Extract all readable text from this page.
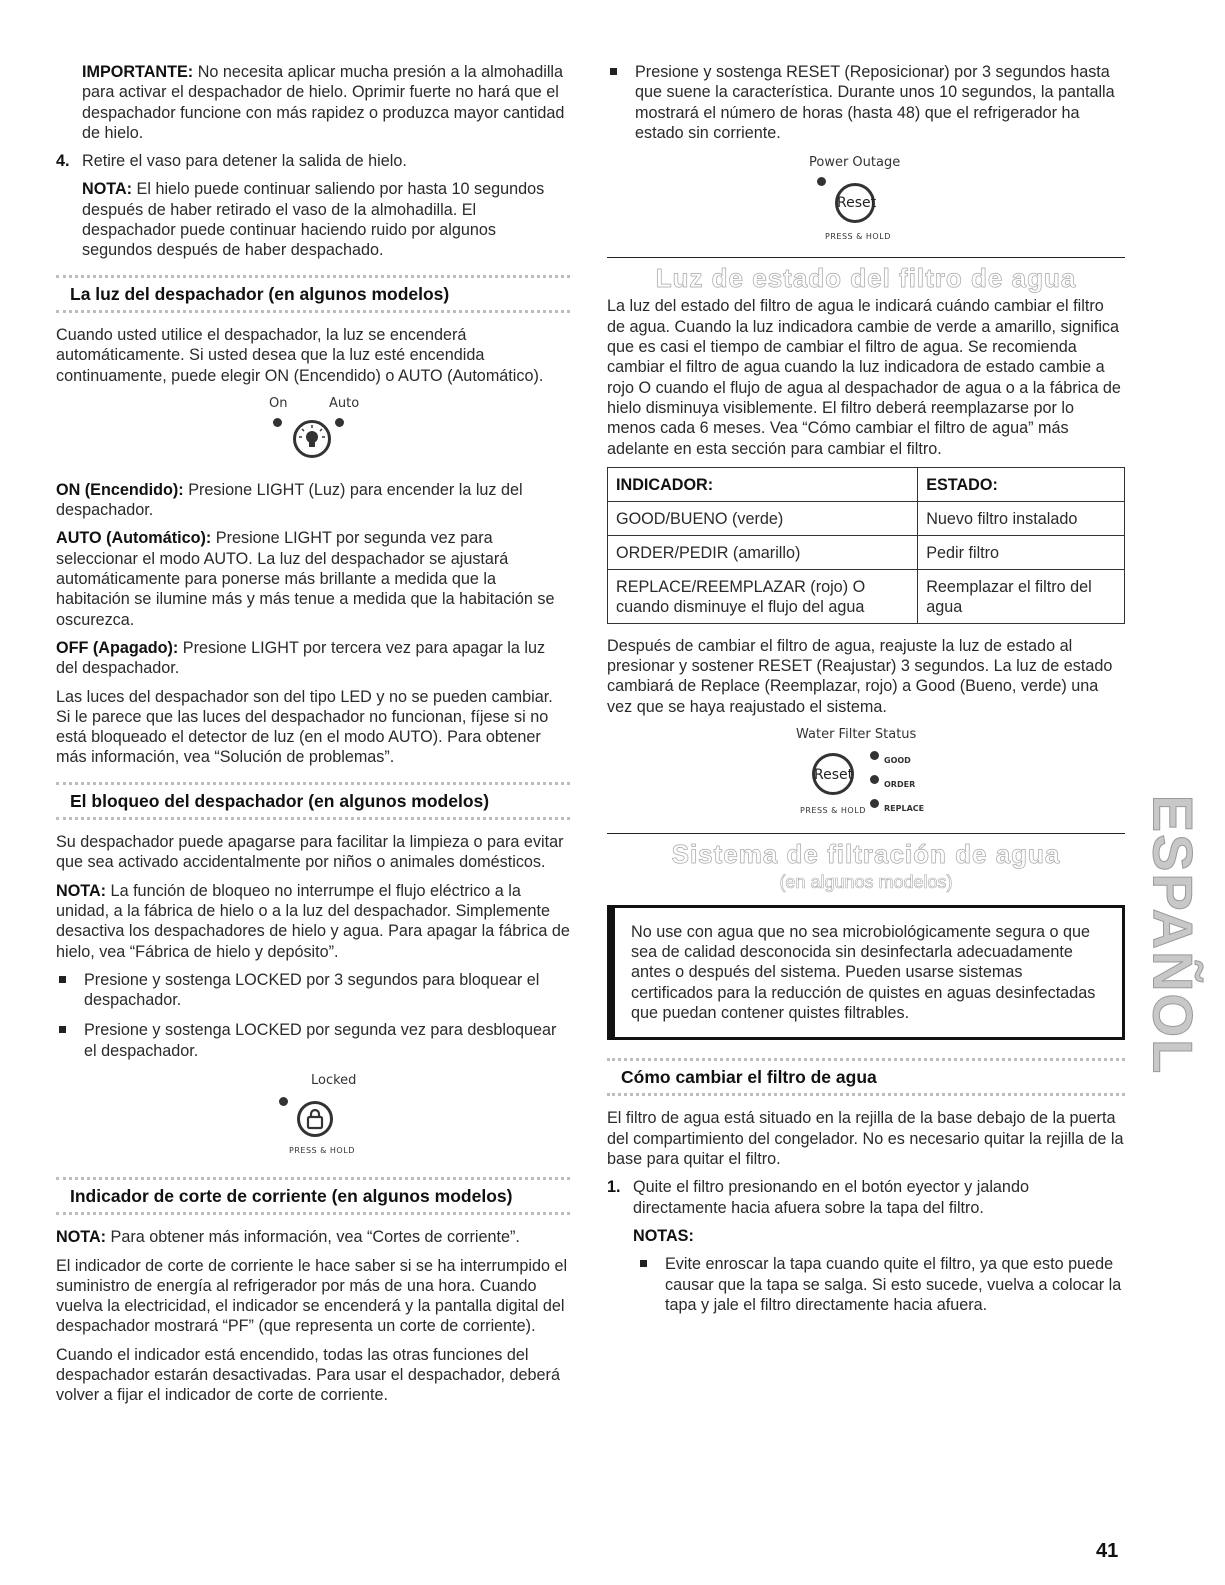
IMPORTANTE: No necesita aplicar mucha presión a la almohadilla para activar el despachador de hielo. Oprimir fuerte no hará que el despachador funcione con más rapidez o produzca mayor cantidad de hielo.

4. Retire el vaso para detener la salida de hielo.

NOTA: El hielo puede continuar saliendo por hasta 10 segundos después de haber retirado el vaso de la almohadilla. El despachador puede continuar haciendo ruido por algunos segundos después de haber despachado.

La luz del despachador (en algunos modelos)

Cuando usted utilice el despachador, la luz se encenderá automáticamente. Si usted desea que la luz esté encendida continuamente, puede elegir ON (Encendido) o AUTO (Automático).

On	Auto

ON (Encendido): Presione LIGHT (Luz) para encender la luz del despachador.

AUTO (Automático): Presione LIGHT por segunda vez para seleccionar el modo AUTO. La luz del despachador se ajustará automáticamente para ponerse más brillante a medida que la habitación se ilumine más y más tenue a medida que la habitación se oscurezca.

OFF (Apagado): Presione LIGHT por tercera vez para apagar la luz del despachador.

Las luces del despachador son del tipo LED y no se pueden cambiar. Si le parece que las luces del despachador no funcionan, fíjese si no está bloqueado el detector de luz (en el modo AUTO). Para obtener más información, vea “Solución de problemas”.

El bloqueo del despachador (en algunos modelos)

Su despachador puede apagarse para facilitar la limpieza o para evitar que sea activado accidentalmente por niños o animales domésticos.

NOTA: La función de bloqueo no interrumpe el flujo eléctrico a la unidad, a la fábrica de hielo o a la luz del despachador. Simplemente desactiva los despachadores de hielo y agua. Para apagar la fábrica de hielo, vea “Fábrica de hielo y depósito”.

Presione y sostenga LOCKED por 3 segundos para bloquear el despachador.
Presione y sostenga LOCKED por segunda vez para desbloquear el despachador.
Locked
PRESS & HOLD
Indicador de corte de corriente (en algunos modelos)

NOTA: Para obtener más información, vea “Cortes de corriente”.

El indicador de corte de corriente le hace saber si se ha interrumpido el suministro de energía al refrigerador por más de una hora. Cuando vuelva la electricidad, el indicador se encenderá y la pantalla digital del despachador mostrará “PF” (que representa un corte de corriente).

Cuando el indicador está encendido, todas las otras funciones del despachador estarán desactivadas. Para usar el despachador, deberá volver a fijar el indicador de corte de corriente.

Presione y sostenga RESET (Reposicionar) por 3 segundos hasta que suene la característica. Durante unos 10 segundos, la pantalla mostrará el número de horas (hasta 48) que el refrigerador ha estado sin corriente.
Power Outage
Reset
PRESS & HOLD
Luz de estado del filtro de agua

La luz del estado del filtro de agua le indicará cuándo cambiar el filtro de agua. Cuando la luz indicadora cambie de verde a amarillo, significa que es casi el tiempo de cambiar el filtro de agua. Se recomienda cambiar el filtro de agua cuando la luz indicadora de estado cambie a rojo O cuando el flujo de agua al despachador de agua o a la fábrica de hielo disminuya visiblemente. El filtro deberá reemplazarse por lo menos cada 6 meses. Vea “Cómo cambiar el filtro de agua” más adelante en esta sección para cambiar el filtro.

INDICADOR:	ESTADO:
GOOD/BUENO (verde)	Nuevo filtro instalado
ORDER/PEDIR (amarillo)	Pedir filtro
REPLACE/REEMPLAZAR (rojo) O cuando disminuye el flujo del agua	Reemplazar el filtro del agua

Después de cambiar el filtro de agua, reajuste la luz de estado al presionar y sostener RESET (Reajustar) 3 segundos. La luz de estado cambiará de Replace (Reemplazar, rojo) a Good (Bueno, verde) una vez que se haya reajustado el sistema.

Water Filter Status
Reset
PRESS & HOLD
GOOD
ORDER
REPLACE
Sistema de filtración de agua
(en algunos modelos)

No use con agua que no sea microbiológicamente segura o que sea de calidad desconocida sin desinfectarla adecuadamente antes o después del sistema. Pueden usarse sistemas certificados para la reducción de quistes en aguas desinfectadas que puedan contener quistes filtrables.

Cómo cambiar el filtro de agua

El filtro de agua está situado en la rejilla de la base debajo de la puerta del compartimiento del congelador. No es necesario quitar la rejilla de la base para quitar el filtro.

1. Quite el filtro presionando en el botón eyector y jalando directamente hacia afuera sobre la tapa del filtro.

NOTAS:

Evite enroscar la tapa cuando quite el filtro, ya que esto puede causar que la tapa se salga. Si esto sucede, vuelva a colocar la tapa y jale el filtro directamente hacia afuera.
ESPAÑOL
41
